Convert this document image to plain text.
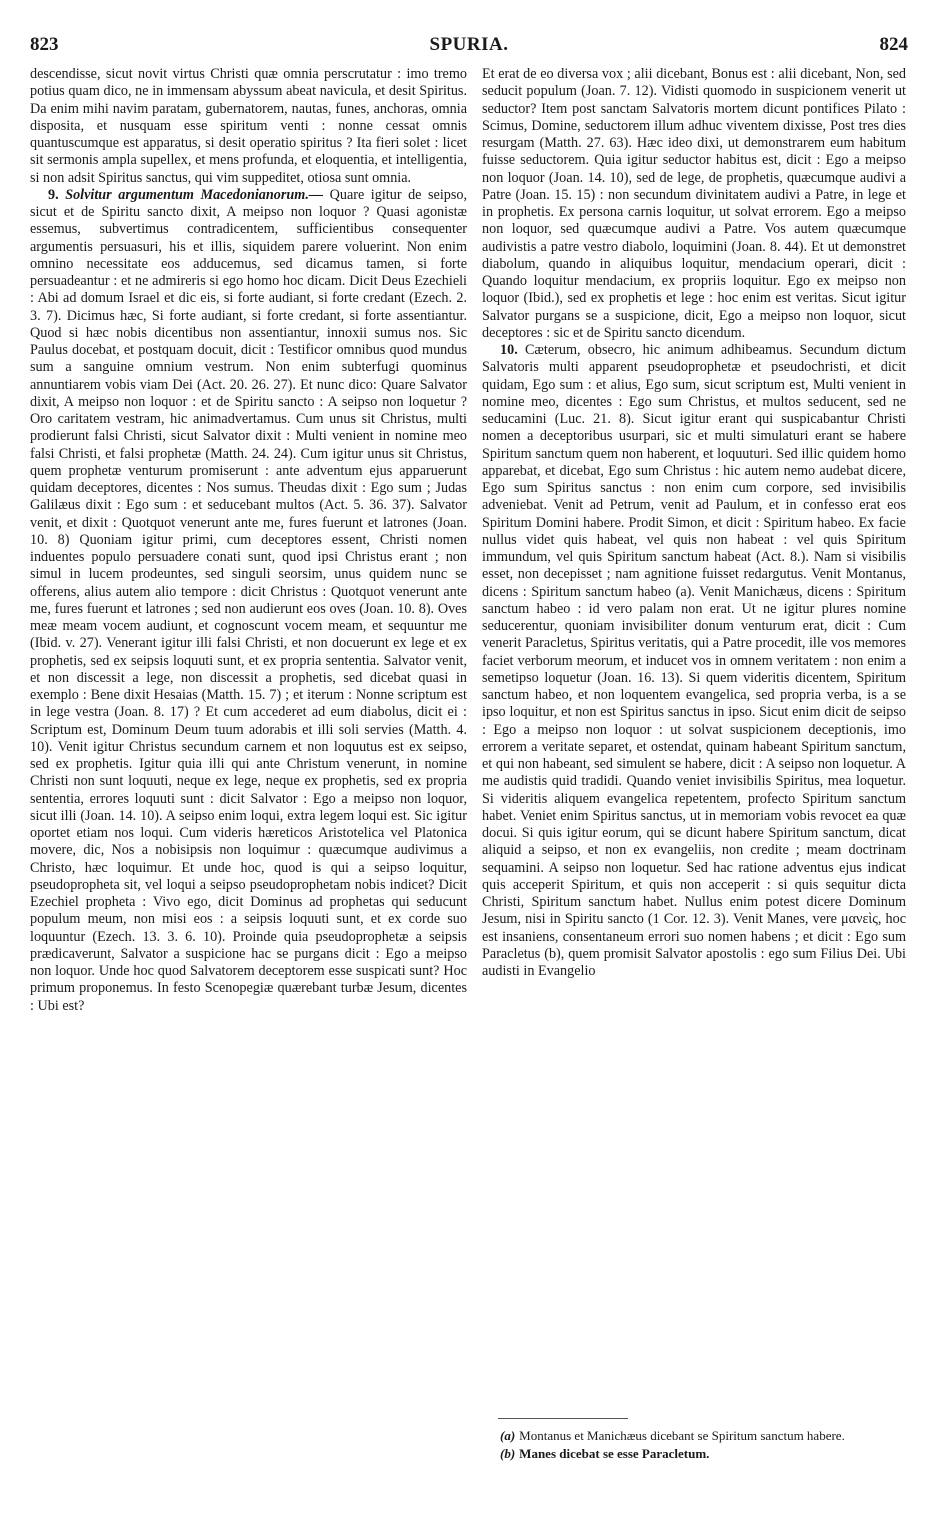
823	SPURIA.	824

descendisse, sicut novit virtus Christi quæ omnia perscrutatur : imo tremo potius quam dico, ne in immensam abyssum abeat navicula, et desit Spiritus. Da enim mihi navim paratam, gubernatorem, nautas, funes, anchoras, omnia disposita, et nusquam esse spiritum venti : nonne cessat omnis quantuscumque est apparatus, si desit operatio spiritus ? Ita fieri solet : licet sit sermonis ampla supellex, et mens profunda, et eloquentia, et intelligentia, si non adsit Spiritus sanctus, qui vim suppeditet, otiosa sunt omnia.

9. Solvitur argumentum Macedonianorum.— Quare igitur de seipso, sicut et de Spiritu sancto dixit, A meipso non loquor ? Quasi agonistæ essemus, subvertimus contradicentem, sufficientibus consequenter argumentis persuasuri, his et illis, siquidem parere voluerint. Non enim omnino necessitate eos adducemus, sed dicamus tamen, si forte persuadeantur : et ne admireris si ego homo hoc dicam. Dicit Deus Ezechieli : Abi ad domum Israel et dic eis, si forte audiant, si forte credant (Ezech. 2. 3. 7). Dicimus hæc, Si forte audiant, si forte credant, si forte assentiantur. Quod si hæc nobis dicentibus non assentiantur, innoxii sumus nos. Sic Paulus docebat, et postquam docuit, dicit : Testificor omnibus quod mundus sum a sanguine omnium vestrum. Non enim subterfugi quominus annuntiarem vobis viam Dei (Act. 20. 26. 27). Et nunc dico: Quare Salvator dixit, A meipso non loquor : et de Spiritu sancto : A seipso non loquetur ? Oro caritatem vestram, hic animadvertamus. Cum unus sit Christus, multi prodierunt falsi Christi, sicut Salvator dixit : Multi venient in nomine meo falsi Christi, et falsi prophetæ (Matth. 24. 24). Cum igitur unus sit Christus, quem prophetæ venturum promiserunt : ante adventum ejus apparuerunt quidam deceptores, dicentes : Nos sumus. Theudas dixit : Ego sum ; Judas Galilæus dixit : Ego sum : et seducebant multos (Act. 5. 36. 37). Salvator venit, et dixit : Quotquot venerunt ante me, fures fuerunt et latrones (Joan. 10. 8) Quoniam igitur primi, cum deceptores essent, Christi nomen induentes populo persuadere conati sunt, quod ipsi Christus erant ; non simul in lucem prodeuntes, sed singuli seorsim, unus quidem nunc se offerens, alius autem alio tempore : dicit Christus : Quotquot venerunt ante me, fures fuerunt et latrones ; sed non audierunt eos oves (Joan. 10. 8). Oves meæ meam vocem audiunt, et cognoscunt vocem meam, et sequuntur me (Ibid. v. 27). Venerant igitur illi falsi Christi, et non docuerunt ex lege et ex prophetis, sed ex seipsis loquuti sunt, et ex propria sententia. Salvator venit, et non discessit a lege, non discessit a prophetis, sed dicebat quasi in exemplo : Bene dixit Hesaias (Matth. 15. 7) ; et iterum : Nonne scriptum est in lege vestra (Joan. 8. 17) ? Et cum accederet ad eum diabolus, dicit ei : Scriptum est, Dominum Deum tuum adorabis et illi soli servies (Matth. 4. 10). Venit igitur Christus secundum carnem et non loquutus est ex seipso, sed ex prophetis. Igitur quia illi qui ante Christum venerunt, in nomine Christi non sunt loquuti, neque ex lege, neque ex prophetis, sed ex propria sententia, errores loquuti sunt : dicit Salvator : Ego a meipso non loquor, sicut illi (Joan. 14. 10). A seipso enim loqui, extra legem loqui est. Sic igitur oportet etiam nos loqui. Cum videris hæreticos Aristotelica vel Platonica movere, dic, Nos a nobisipsis non loquimur : quæcumque audivimus a Christo, hæc loquimur. Et unde hoc, quod is qui a seipso loquitur, pseudopropheta sit, vel loqui a seipso pseudoprophetam nobis indicet? Dicit Ezechiel propheta : Vivo ego, dicit Dominus ad prophetas qui seducunt populum meum, non misi eos : a seipsis loquuti sunt, et ex corde suo loquuntur (Ezech. 13. 3. 6. 10). Proinde quia pseudoprophetæ a seipsis prædicaverunt, Salvator a suspicione hac se purgans dicit : Ego a meipso non loquor. Unde hoc quod Salvatorem deceptorem esse suspicati sunt? Hoc primum proponemus. In festo Scenopegiæ quærebant turbæ Jesum, dicentes : Ubi est?

Et erat de eo diversa vox ; alii dicebant, Bonus est : alii dicebant, Non, sed seducit populum (Joan. 7. 12). Vidisti quomodo in suspicionem venerit ut seductor? Item post sanctam Salvatoris mortem dicunt pontifices Pilato : Scimus, Domine, seductorem illum adhuc viventem dixisse, Post tres dies resurgam (Matth. 27. 63). Hæc ideo dixi, ut demonstrarem eum habitum fuisse seductorem. Quia igitur seductor habitus est, dicit : Ego a meipso non loquor (Joan. 14. 10), sed de lege, de prophetis, quæcumque audivi a Patre (Joan. 15. 15) : non secundum divinitatem audivi a Patre, in lege et in prophetis. Ex persona carnis loquitur, ut solvat errorem. Ego a meipso non loquor, sed quæcumque audivi a Patre. Vos autem quæcumque audivistis a patre vestro diabolo, loquimini (Joan. 8. 44). Et ut demonstret diabolum, quando in aliquibus loquitur, mendacium operari, dicit : Quando loquitur mendacium, ex propriis loquitur. Ego ex meipso non loquor (Ibid.), sed ex prophetis et lege : hoc enim est veritas. Sicut igitur Salvator purgans se a suspicione, dicit, Ego a meipso non loquor, sicut deceptores : sic et de Spiritu sancto dicendum.

10. Cæterum, obsecro, hic animum adhibeamus. Secundum dictum Salvatoris multi apparent pseudoprophetæ et pseudochristi, et dicit quidam, Ego sum : et alius, Ego sum, sicut scriptum est, Multi venient in nomine meo, dicentes : Ego sum Christus, et multos seducent, sed ne seducamini (Luc. 21. 8). Sicut igitur erant qui suspicabantur Christi nomen a deceptoribus usurpari, sic et multi simulaturi erant se habere Spiritum sanctum quem non haberent, et loquuturi. Sed illic quidem homo apparebat, et dicebat, Ego sum Christus : hic autem nemo audebat dicere, Ego sum Spiritus sanctus : non enim cum corpore, sed invisibilis adveniebat. Venit ad Petrum, venit ad Paulum, et in confesso erat eos Spiritum Domini habere. Prodit Simon, et dicit : Spiritum habeo. Ex facie nullus videt quis habeat, vel quis non habeat : vel quis Spiritum immundum, vel quis Spiritum sanctum habeat (Act. 8.). Nam si visibilis esset, non decepisset ; nam agnitione fuisset redargutus. Venit Montanus, dicens : Spiritum sanctum habeo (a). Venit Manichæus, dicens : Spiritum sanctum habeo : id vero palam non erat. Ut ne igitur plures nomine seducerentur, quoniam invisibiliter donum venturum erat, dicit : Cum venerit Paracletus, Spiritus veritatis, qui a Patre procedit, ille vos memores faciet verborum meorum, et inducet vos in omnem veritatem : non enim a semetipso loquetur (Joan. 16. 13). Si quem videritis dicentem, Spiritum sanctum habeo, et non loquentem evangelica, sed propria verba, is a se ipso loquitur, et non est Spiritus sanctus in ipso. Sicut enim dicit de seipso : Ego a meipso non loquor : ut solvat suspicionem deceptionis, imo errorem a veritate separet, et ostendat, quinam habeant Spiritum sanctum, et qui non habeant, sed simulent se habere, dicit : A seipso non loquetur. A me audistis quid tradidi. Quando veniet invisibilis Spiritus, mea loquetur. Si videritis aliquem evangelica repetentem, profecto Spiritum sanctum habet. Veniet enim Spiritus sanctus, ut in memoriam vobis revocet ea quæ docui. Si quis igitur eorum, qui se dicunt habere Spiritum sanctum, dicat aliquid a seipso, et non ex evangeliis, non credite ; meam doctrinam sequamini. A seipso non loquetur. Sed hac ratione adventus ejus indicat quis acceperit Spiritum, et quis non acceperit : si quis sequitur dicta Christi, Spiritum sanctum habet. Nullus enim potest dicere Dominum Jesum, nisi in Spiritu sancto (1 Cor. 12. 3). Venit Manes, vere μανεὶς, hoc est insaniens, consentaneum errori suo nomen habens ; et dicit : Ego sum Paracletus (b), quem promisit Salvator apostolis : ego sum Filius Dei. Ubi audisti in Evangelio

(a) Montanus et Manichæus dicebant se Spiritum sanctum habere.
(b) Manes dicebat se esse Paracletum.
